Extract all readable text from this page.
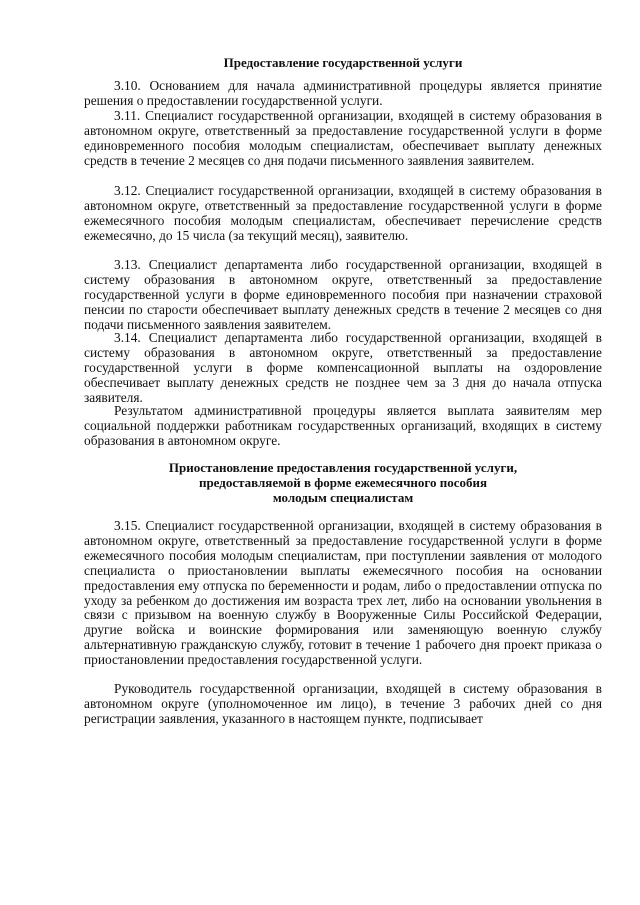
Предоставление государственной услуги

3.10. Основанием для начала административной процедуры является принятие решения о предоставлении государственной услуги.

3.11. Специалист государственной организации, входящей в систему образования в автономном округе, ответственный за предоставление государственной услуги в форме единовременного пособия молодым специалистам, обеспечивает выплату денежных средств в течение 2 месяцев со дня подачи письменного заявления заявителем.

3.12. Специалист государственной организации, входящей в систему образования в автономном округе, ответственный за предоставление государственной услуги в форме ежемесячного пособия молодым специалистам, обеспечивает перечисление средств ежемесячно, до 15 числа (за текущий месяц), заявителю.

3.13. Специалист департамента либо государственной организации, входящей в систему образования в автономном округе, ответственный за предоставление государственной услуги в форме единовременного пособия при назначении страховой пенсии по старости обеспечивает выплату денежных средств в течение 2 месяцев со дня подачи письменного заявления заявителем.

3.14. Специалист департамента либо государственной организации, входящей в систему образования в автономном округе, ответственный за предоставление государственной услуги в форме компенсационной выплаты на оздоровление обеспечивает выплату денежных средств не позднее чем за 3 дня до начала отпуска заявителя.

Результатом административной процедуры является выплата заявителям мер социальной поддержки работникам государственных организаций, входящих в систему образования в автономном округе.

Приостановление предоставления государственной услуги,
предоставляемой в форме ежемесячного пособия
молодым специалистам

3.15. Специалист государственной организации, входящей в систему образования в автономном округе, ответственный за предоставление государственной услуги в форме ежемесячного пособия молодым специалистам, при поступлении заявления от молодого специалиста о приостановлении выплаты ежемесячного пособия на основании предоставления ему отпуска по беременности и родам, либо о предоставлении отпуска по уходу за ребенком до достижения им возраста трех лет, либо на основании увольнения в связи с призывом на военную службу в Вооруженные Силы Российской Федерации, другие войска и воинские формирования или заменяющую военную службу альтернативную гражданскую службу, готовит в течение 1 рабочего дня проект приказа о приостановлении предоставления государственной услуги.

Руководитель государственной организации, входящей в систему образования в автономном округе (уполномоченное им лицо), в течение 3 рабочих дней со дня регистрации заявления, указанного в настоящем пункте, подписывает
